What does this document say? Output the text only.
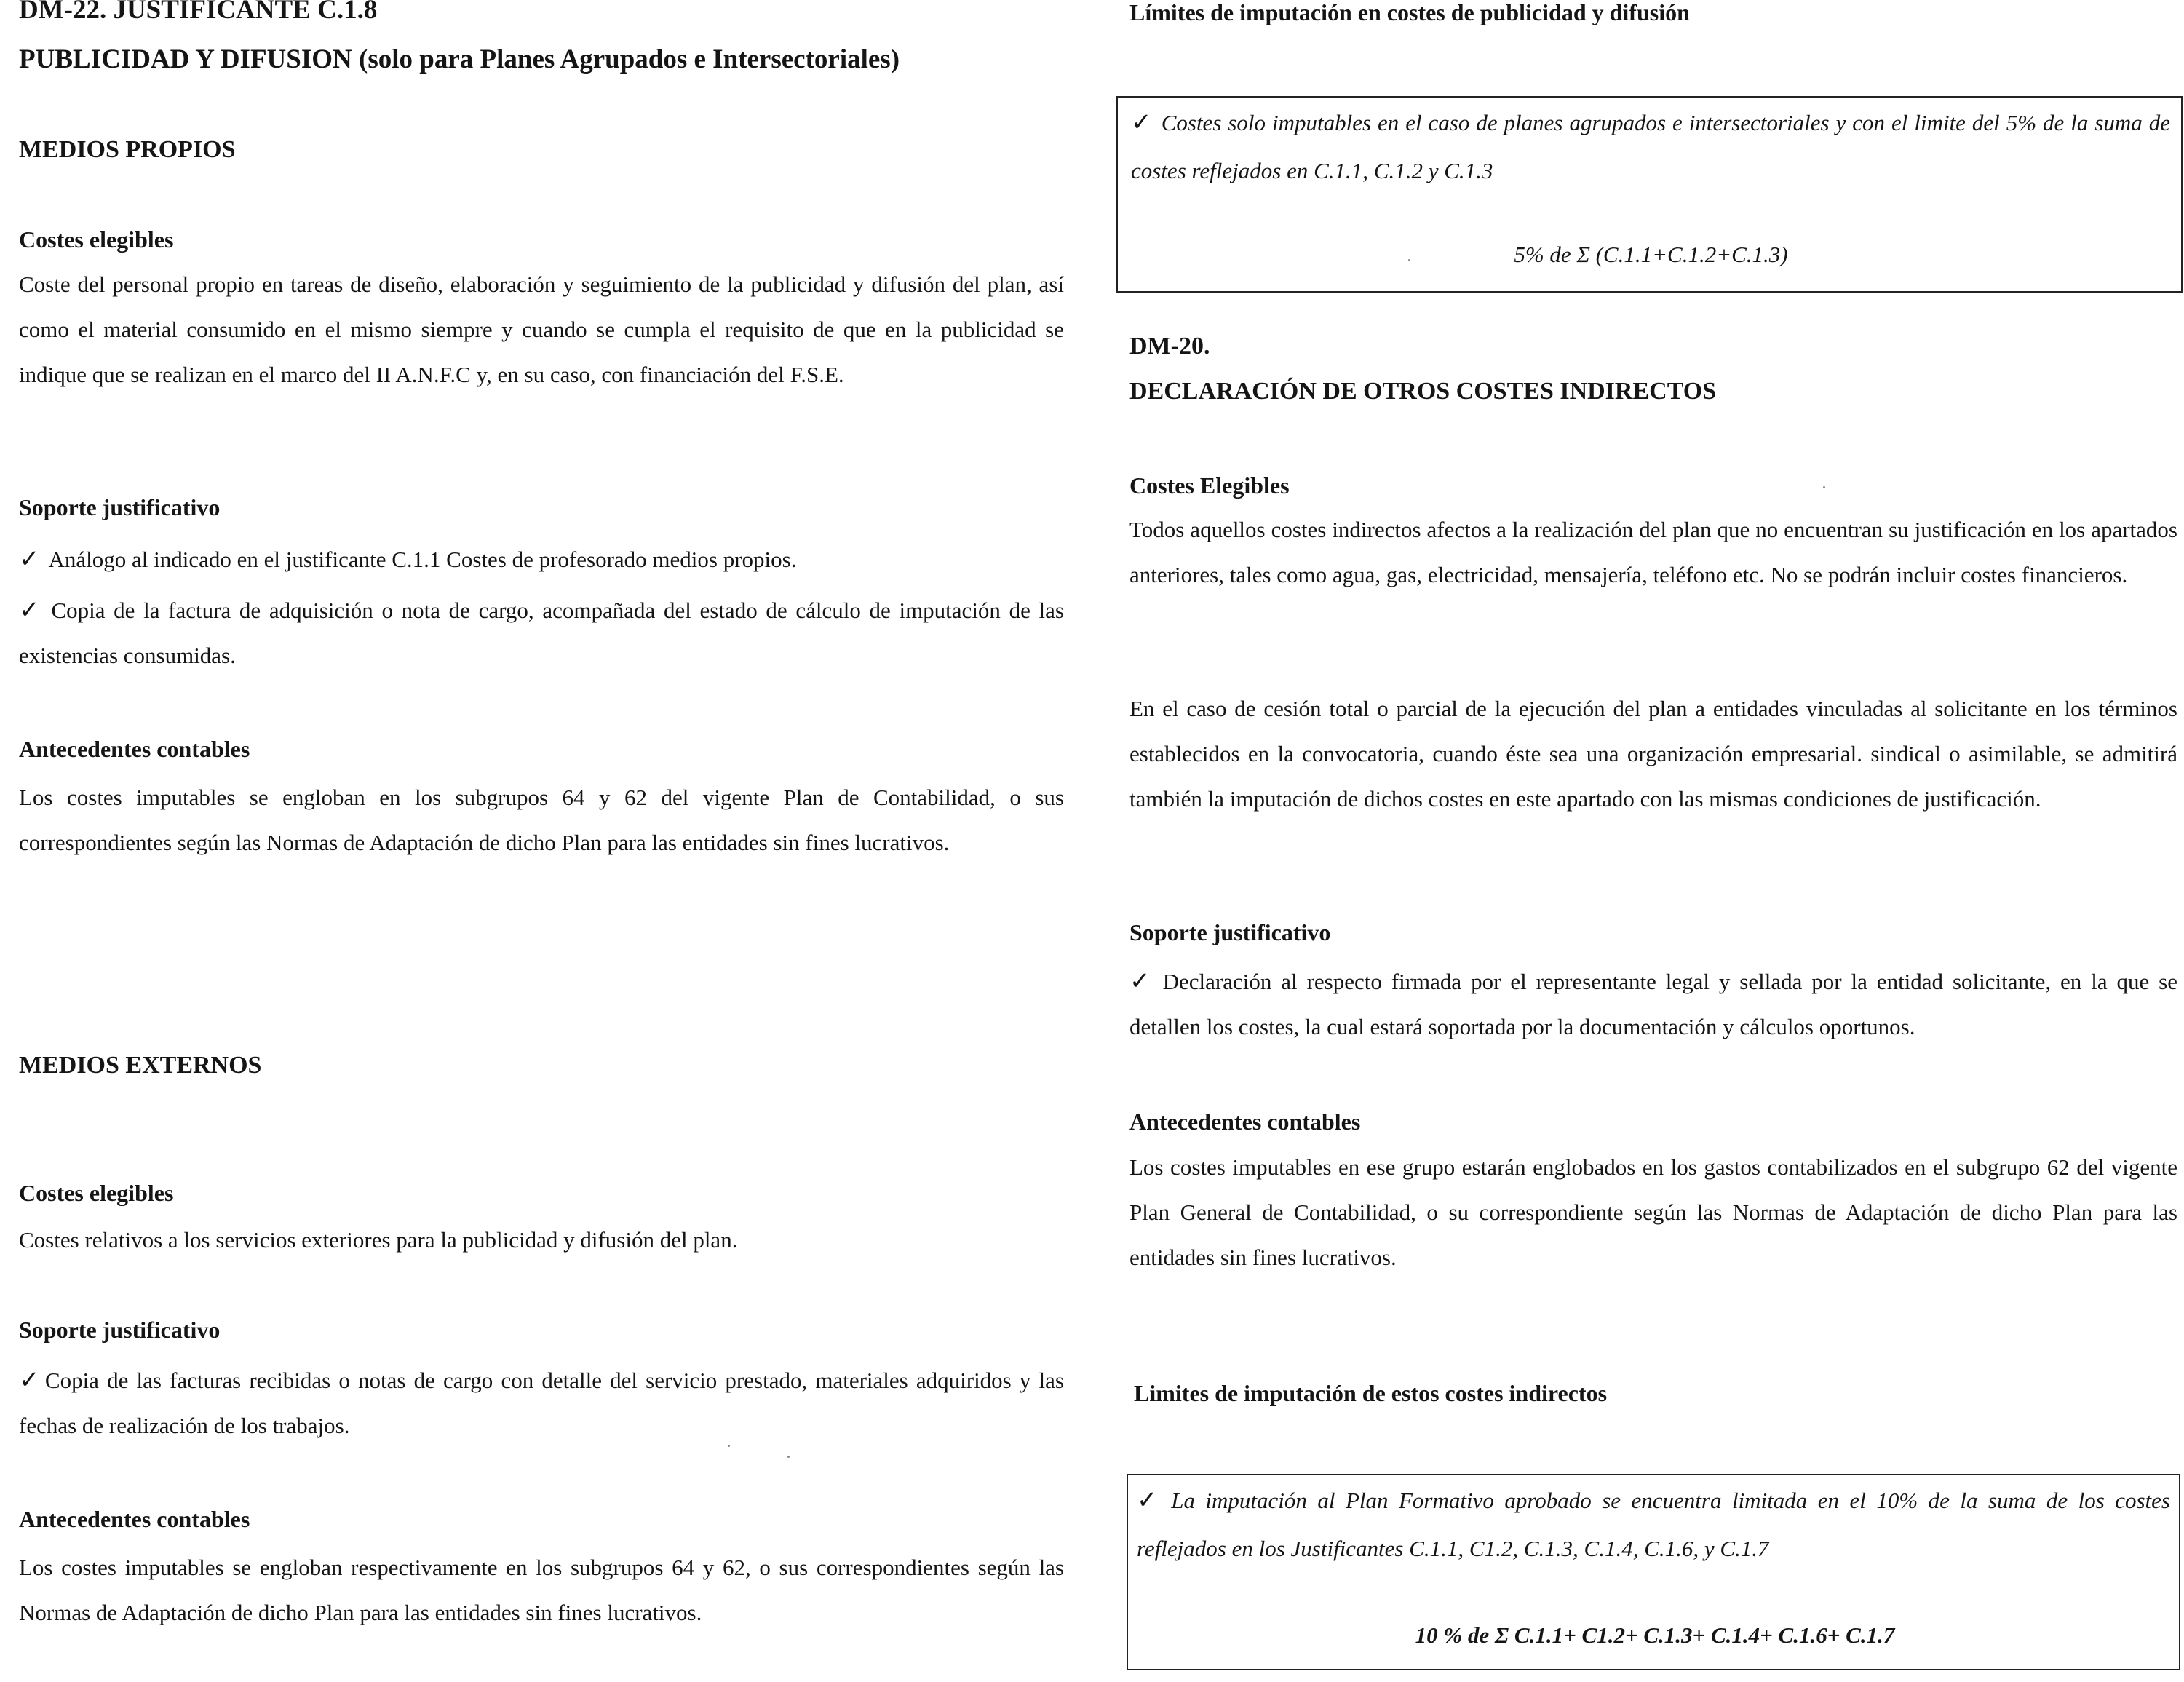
DM-22. JUSTIFICANTE C.1.8
PUBLICIDAD Y DIFUSION (solo para Planes Agrupados e Intersectoriales)
MEDIOS PROPIOS
Costes elegibles
Coste del personal propio en tareas de diseño, elaboración y seguimiento de la publicidad y difusión del plan, así como el material consumido en el mismo siempre y cuando se cumpla el requisito de que en la publicidad se indique que se realizan en el marco del II A.N.F.C y, en su caso, con financiación del F.S.E.
Soporte justificativo
✓ Análogo al indicado en el justificante C.1.1 Costes de profesorado medios propios.
✓ Copia de la factura de adquisición o nota de cargo, acompañada del estado de cálculo de imputación de las existencias consumidas.
Antecedentes contables
Los costes imputables se engloban en los subgrupos 64 y 62 del vigente Plan de Contabilidad, o sus correspondientes según las Normas de Adaptación de dicho Plan para las entidades sin fines lucrativos.
MEDIOS EXTERNOS
Costes elegibles
Costes relativos a los servicios exteriores para la publicidad y difusión del plan.
Soporte justificativo
✓ Copia de las facturas recibidas o notas de cargo con detalle del servicio prestado, materiales adquiridos y las fechas de realización de los trabajos.
Antecedentes contables
Los costes imputables se engloban respectivamente en los subgrupos 64 y 62, o sus correspondientes según las Normas de Adaptación de dicho Plan para las entidades sin fines lucrativos.
Límites de imputación en costes de publicidad y difusión
✓ Costes solo imputables en el caso de planes agrupados e intersectoriales y con el limite del 5% de la suma de costes reflejados en C.1.1, C.1.2 y C.1.3
5% de Σ (C.1.1+C.1.2+C.1.3)
DM-20.
DECLARACIÓN DE OTROS COSTES INDIRECTOS
Costes Elegibles
Todos aquellos costes indirectos afectos a la realización del plan que no encuentran su justificación en los apartados anteriores, tales como agua, gas, electricidad, mensajería, teléfono etc. No se podrán incluir costes financieros.
En el caso de cesión total o parcial de la ejecución del plan a entidades vinculadas al solicitante en los términos establecidos en la convocatoria, cuando éste sea una organización empresarial. sindical o asimilable, se admitirá también la imputación de dichos costes en este apartado con las mismas condiciones de justificación.
Soporte justificativo
✓ Declaración al respecto firmada por el representante legal y sellada por la entidad solicitante, en la que se detallen los costes, la cual estará soportada por la documentación y cálculos oportunos.
Antecedentes contables
Los costes imputables en ese grupo estarán englobados en los gastos contabilizados en el subgrupo 62 del vigente Plan General de Contabilidad, o su correspondiente según las Normas de Adaptación de dicho Plan para las entidades sin fines lucrativos.
Limites de imputación de estos costes indirectos
✓ La imputación al Plan Formativo aprobado se encuentra limitada en el 10% de la suma de los costes reflejados en los Justificantes C.1.1, C1.2, C.1.3, C.1.4, C.1.6, y C.1.7
10 % de Σ C.1.1+ C1.2+ C.1.3+ C.1.4+ C.1.6+ C.1.7
